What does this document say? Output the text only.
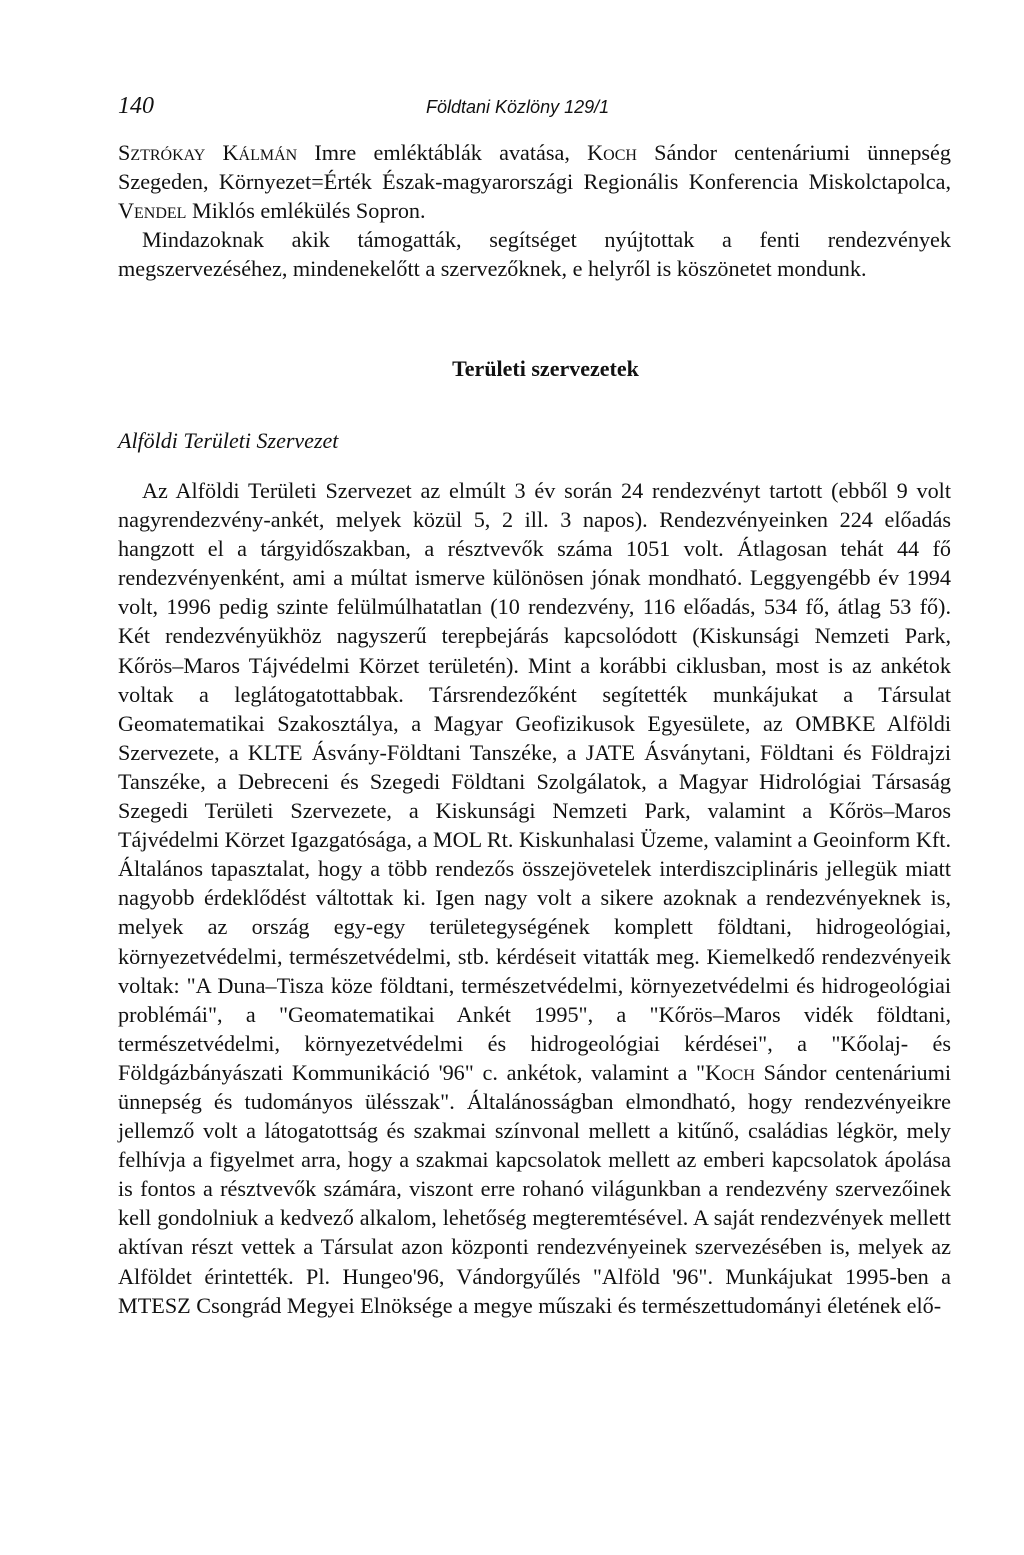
140	Földtani Közlöny 129/1

Sztrókay Kálmán Imre emléktáblák avatása, Koch Sándor centenáriumi ünnepség Szegeden, Környezet=Érték Észak-magyarországi Regionális Konferencia Miskolctapolca, Vendel Miklós emlékülés Sopron.

Mindazoknak akik támogatták, segítséget nyújtottak a fenti rendezvények megszervezéséhez, mindenekelőtt a szervezőknek, e helyről is köszönetet mondunk.

Területi szervezetek
Alföldi Területi Szervezet

Az Alföldi Területi Szervezet az elmúlt 3 év során 24 rendezvényt tartott (ebből 9 volt nagyrendezvény-ankét, melyek közül 5, 2 ill. 3 napos). Rendezvényeinken 224 előadás hangzott el a tárgyidőszakban, a résztvevők száma 1051 volt. Átlagosan tehát 44 fő rendezvényenként, ami a múltat ismerve különösen jónak mondható. Leggyengébb év 1994 volt, 1996 pedig szinte felülmúlhatatlan (10 rendezvény, 116 előadás, 534 fő, átlag 53 fő). Két rendezvényükhöz nagyszerű terepbejárás kapcsolódott (Kiskunsági Nemzeti Park, Kőrös–Maros Tájvédelmi Körzet területén). Mint a korábbi ciklusban, most is az ankétok voltak a leglátogatottabbak. Társrendezőként segítették munkájukat a Társulat Geomatematikai Szakosztálya, a Magyar Geofizikusok Egyesülete, az OMBKE Alföldi Szervezete, a KLTE Ásvány-Földtani Tanszéke, a JATE Ásványtani, Földtani és Földrajzi Tanszéke, a Debreceni és Szegedi Földtani Szolgálatok, a Magyar Hidrológiai Társaság Szegedi Területi Szervezete, a Kiskunsági Nemzeti Park, valamint a Kőrös–Maros Tájvédelmi Körzet Igazgatósága, a MOL Rt. Kiskunhalasi Üzeme, valamint a Geoinform Kft. Általános tapasztalat, hogy a több rendezős összejövetelek interdiszciplináris jellegük miatt nagyobb érdeklődést váltottak ki. Igen nagy volt a sikere azoknak a rendezvényeknek is, melyek az ország egy-egy területegységének komplett földtani, hidrogeológiai, környezetvédelmi, természetvédelmi, stb. kérdéseit vitatták meg. Kiemelkedő rendezvényeik voltak: "A Duna–Tisza köze földtani, természetvédelmi, környezetvédelmi és hidrogeológiai problémái", a "Geomatematikai Ankét 1995", a "Kőrös–Maros vidék földtani, természetvédelmi, környezetvédelmi és hidrogeológiai kérdései", a "Kőolaj- és Földgázbányászati Kommunikáció '96" c. ankétok, valamint a "Koch Sándor centenáriumi ünnepség és tudományos ülésszak". Általánosságban elmondható, hogy rendezvényeikre jellemző volt a látogatottság és szakmai színvonal mellett a kitűnő, családias légkör, mely felhívja a figyelmet arra, hogy a szakmai kapcsolatok mellett az emberi kapcsolatok ápolása is fontos a résztvevők számára, viszont erre rohanó világunkban a rendezvény szervezőinek kell gondolniuk a kedvező alkalom, lehetőség megteremtésével. A saját rendezvények mellett aktívan részt vettek a Társulat azon központi rendezvényeinek szervezésében is, melyek az Alföldet érintették. Pl. Hungeo'96, Vándorgyűlés "Alföld '96". Munkájukat 1995-ben a MTESZ Csongrád Megyei Elnöksége a megye műszaki és természettudományi életének elő-
